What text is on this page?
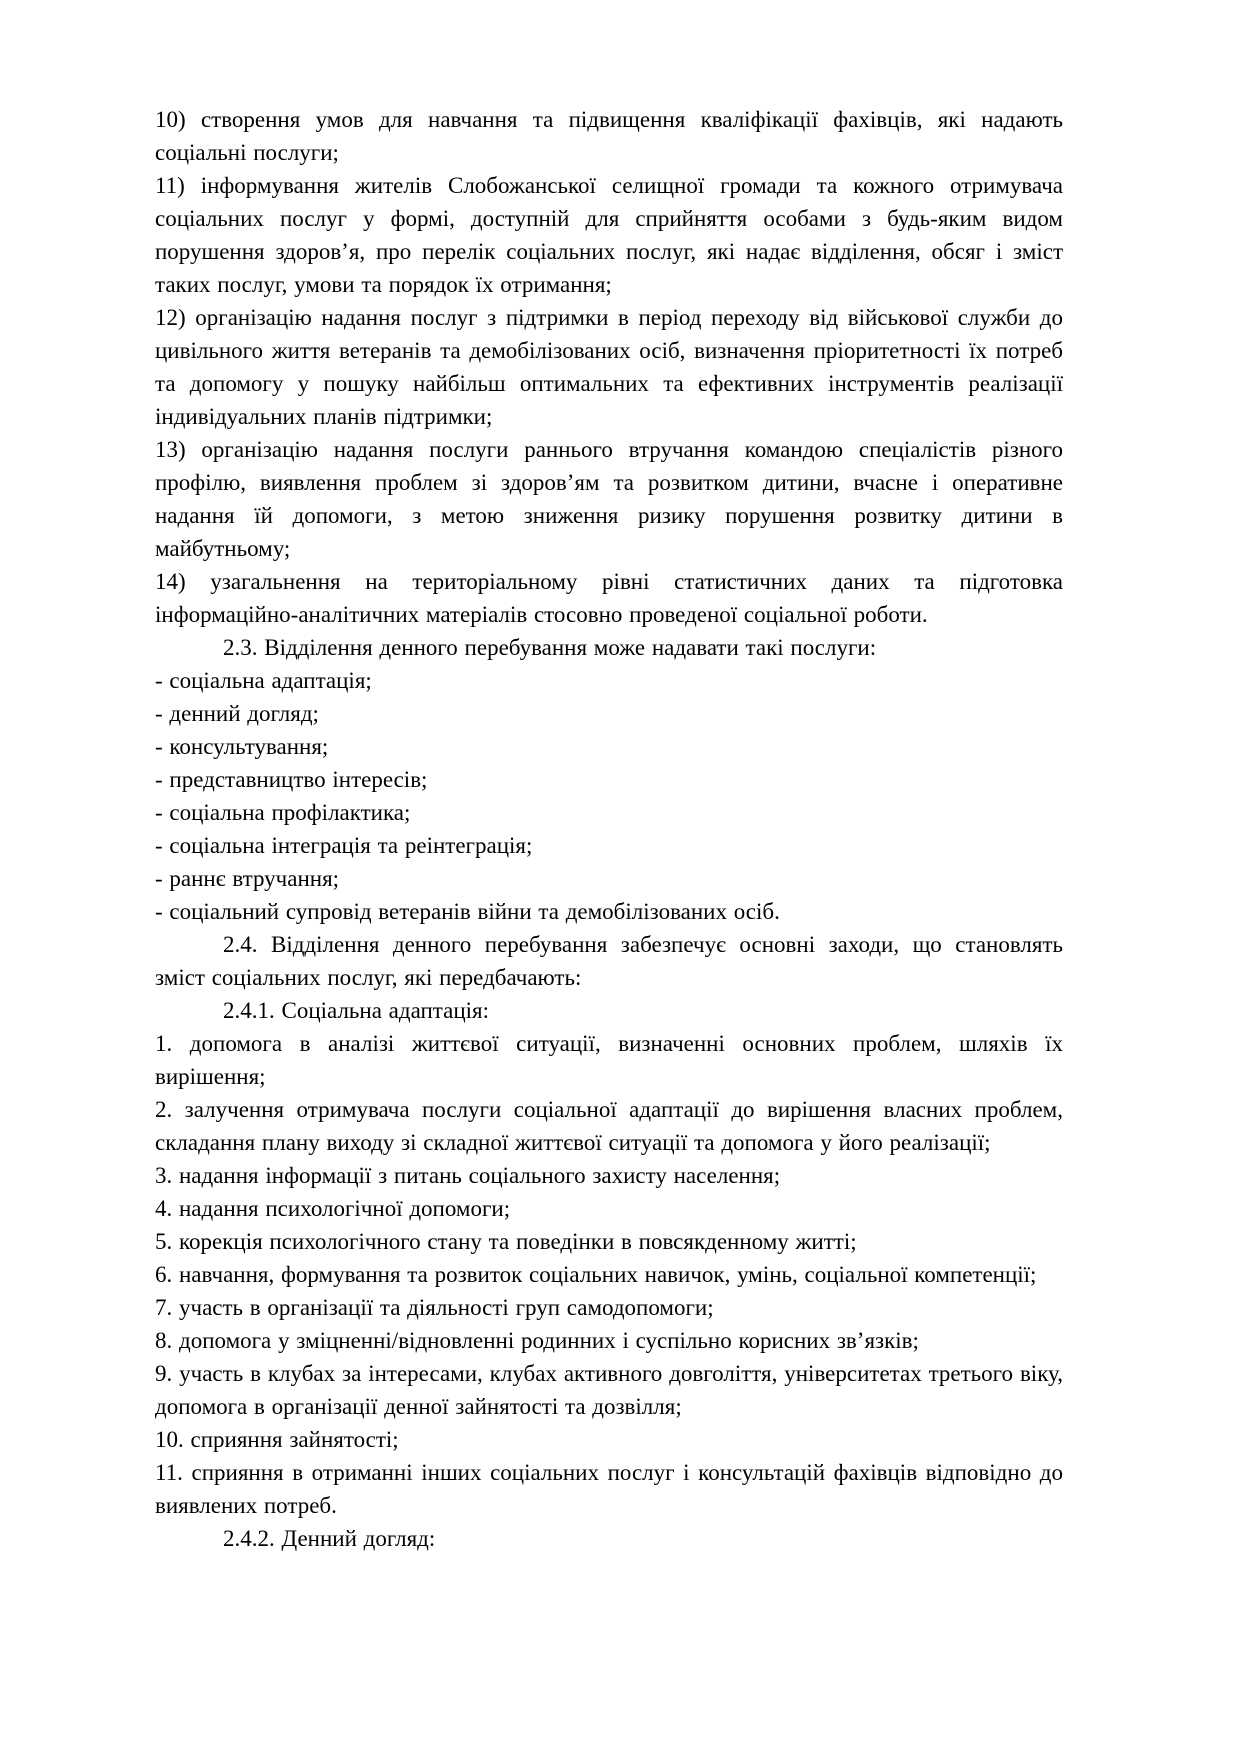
10) створення умов для навчання та підвищення кваліфікації фахівців, які надають соціальні послуги;

11) інформування жителів Слобожанської селищної громади та кожного отримувача соціальних послуг у формі, доступній для сприйняття особами з будь-яким видом порушення здоров’я, про перелік соціальних послуг, які надає відділення, обсяг і зміст таких послуг, умови та порядок їх отримання;

12) організацію надання послуг з підтримки в період переходу від військової служби до цивільного життя ветеранів та демобілізованих осіб, визначення пріоритетності їх потреб та допомогу у пошуку найбільш оптимальних та ефективних інструментів реалізації індивідуальних планів підтримки;

13) організацію надання послуги раннього втручання командою спеціалістів різного профілю, виявлення проблем зі здоров’ям та розвитком дитини, вчасне і оперативне надання їй допомоги, з метою зниження ризику порушення розвитку дитини в майбутньому;

14) узагальнення на територіальному рівні статистичних даних та підготовка інформаційно-аналітичних матеріалів стосовно проведеної соціальної роботи.

2.3. Відділення денного перебування може надавати такі послуги:

- соціальна адаптація;

- денний догляд;

- консультування;

- представництво інтересів;

- соціальна профілактика;

- соціальна інтеграція та реінтеграція;

- раннє втручання;

- соціальний супровід ветеранів війни та демобілізованих осіб.

2.4. Відділення денного перебування забезпечує основні заходи, що становлять зміст соціальних послуг, які передбачають:

2.4.1. Соціальна адаптація:

1. допомога в аналізі життєвої ситуації, визначенні основних проблем, шляхів їх вирішення;

2. залучення отримувача послуги соціальної адаптації до вирішення власних проблем, складання плану виходу зі складної життєвої ситуації та допомога у його реалізації;

3. надання інформації з питань соціального захисту населення;

4. надання психологічної допомоги;

5. корекція психологічного стану та поведінки в повсякденному житті;

6. навчання, формування та розвиток соціальних навичок, умінь, соціальної компетенції;

7. участь в організації та діяльності груп самодопомоги;

8. допомога у зміцненні/відновленні родинних і суспільно корисних зв’язків;

9. участь в клубах за інтересами, клубах активного довголіття, університетах третього віку, допомога в організації денної зайнятості та дозвілля;

10. сприяння зайнятості;

11. сприяння в отриманні інших соціальних послуг і консультацій фахівців відповідно до виявлених потреб.

2.4.2. Денний догляд:
